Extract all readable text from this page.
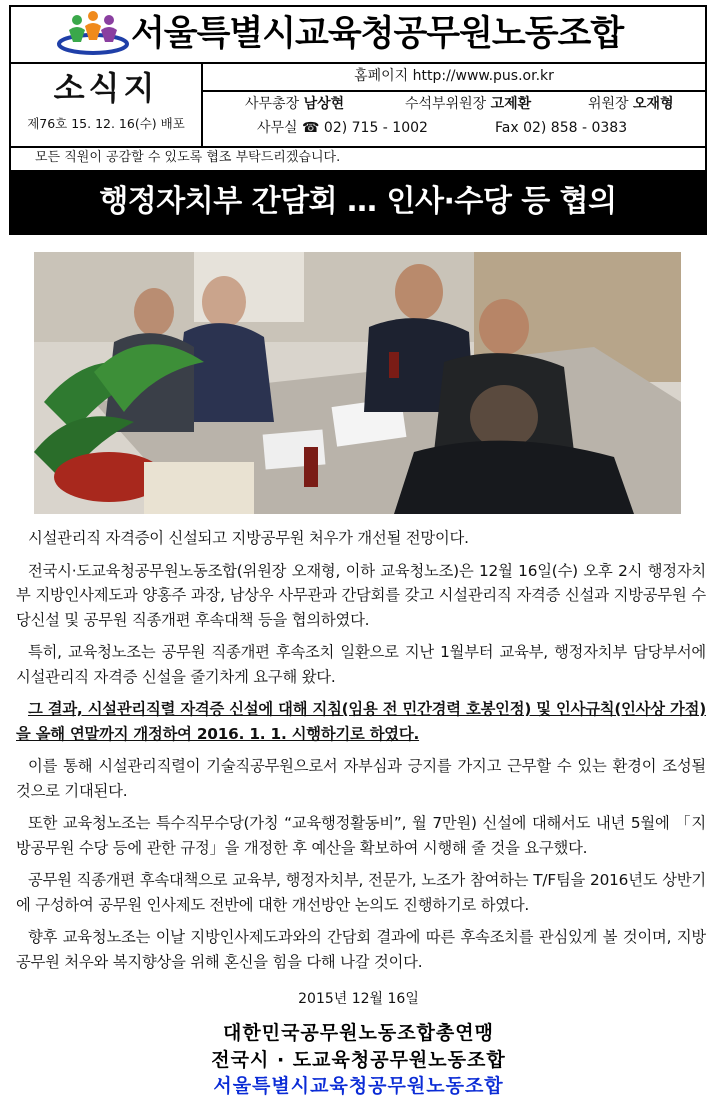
서울특별시교육청공무원노동조합
소식지
제76호 15. 12. 16(수) 배포
홈페이지 http://www.pus.or.kr
사무총장 남상현	수석부위원장 고제환	위원장 오재형
사무실 ☎ 02) 715 - 1002	Fax 02) 858 - 0383
모든 직원이 공감할 수 있도록 협조 부탁드리겠습니다.
행정자치부 간담회 … 인사·수당 등 협의

시설관리직 자격증이 신설되고 지방공무원 처우가 개선될 전망이다.

전국시·도교육청공무원노동조합(위원장 오재형, 이하 교육청노조)은 12월 16일(수) 오후 2시 행정자치부 지방인사제도과 양홍주 과장, 남상우 사무관과 간담회를 갖고 시설관리직 자격증 신설과 지방공무원 수당신설 및 공무원 직종개편 후속대책 등을 협의하였다.

특히, 교육청노조는 공무원 직종개편 후속조치 일환으로 지난 1월부터 교육부, 행정자치부 담당부서에 시설관리직 자격증 신설을 줄기차게 요구해 왔다.

그 결과, 시설관리직렬 자격증 신설에 대해 지침(임용 전 민간경력 호봉인정) 및 인사규칙(인사상 가점)을 올해 연말까지 개정하여 2016. 1. 1. 시행하기로 하였다.

이를 통해 시설관리직렬이 기술직공무원으로서 자부심과 긍지를 가지고 근무할 수 있는 환경이 조성될 것으로 기대된다.

또한 교육청노조는 특수직무수당(가칭 “교육행정활동비”, 월 7만원) 신설에 대해서도 내년 5월에 「지방공무원 수당 등에 관한 규정」을 개정한 후 예산을 확보하여 시행해 줄 것을 요구했다.

공무원 직종개편 후속대책으로 교육부, 행정자치부, 전문가, 노조가 참여하는 T/F팀을 2016년도 상반기에 구성하여 공무원 인사제도 전반에 대한 개선방안 논의도 진행하기로 하였다.

향후 교육청노조는 이날 지방인사제도과와의 간담회 결과에 따른 후속조치를 관심있게 볼 것이며, 지방공무원 처우와 복지향상을 위해 혼신을 힘을 다해 나갈 것이다.

2015년 12월 16일
대한민국공무원노동조합총연맹
전국시 · 도교육청공무원노동조합
서울특별시교육청공무원노동조합
